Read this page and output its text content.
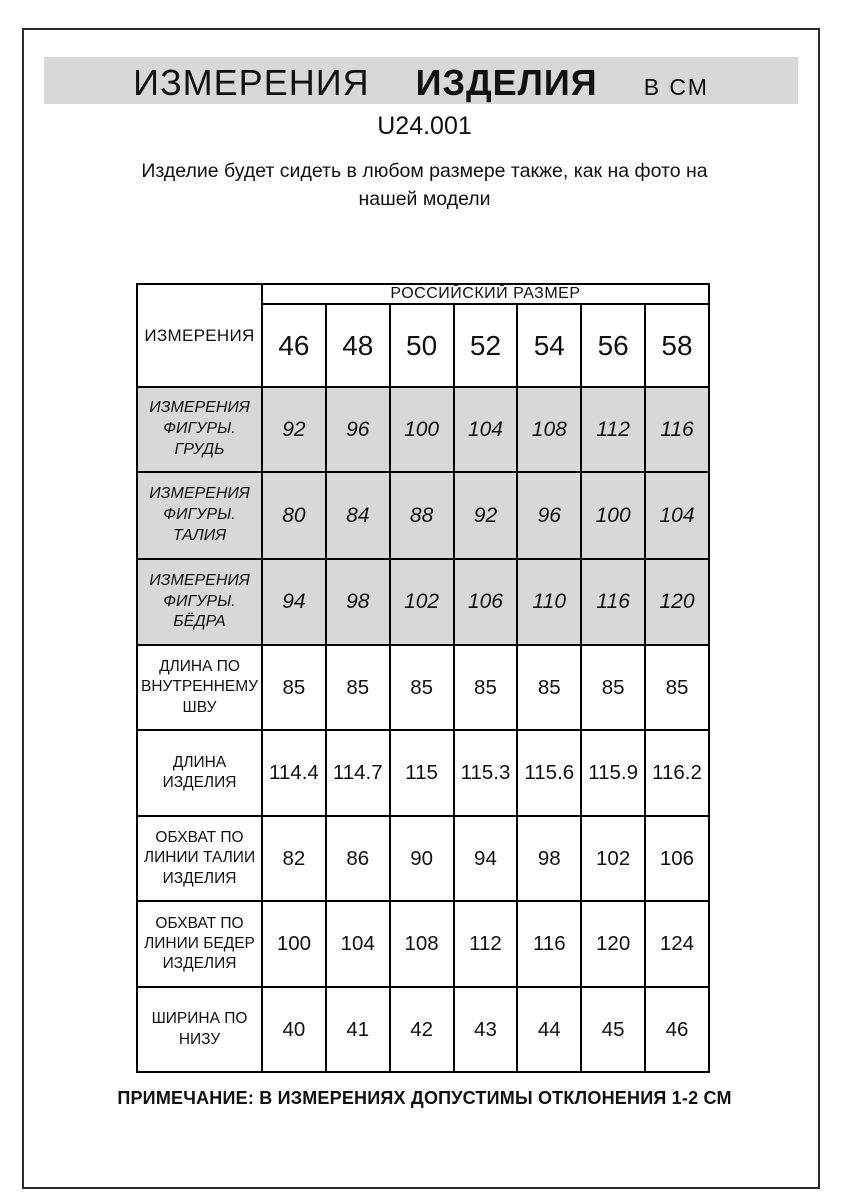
ИЗМЕРЕНИЯ ИЗДЕЛИЯ В СМ
U24.001
Изделие будет сидеть в любом размере также, как на фото на нашей модели
ИЗМЕРЕНИЯ	РОССИЙСКИЙ РАЗМЕР						
	46	48	50	52	54	56	58
ИЗМЕРЕНИЯ ФИГУРЫ. ГРУДЬ	92	96	100	104	108	112	116
ИЗМЕРЕНИЯ ФИГУРЫ. ТАЛИЯ	80	84	88	92	96	100	104
ИЗМЕРЕНИЯ ФИГУРЫ. БЁДРА	94	98	102	106	110	116	120
ДЛИНА ПО ВНУТРЕННЕМУ ШВУ	85	85	85	85	85	85	85
ДЛИНА ИЗДЕЛИЯ	114.4	114.7	115	115.3	115.6	115.9	116.2
ОБХВАТ ПО ЛИНИИ ТАЛИИ ИЗДЕЛИЯ	82	86	90	94	98	102	106
ОБХВАТ ПО ЛИНИИ БЕДЕР ИЗДЕЛИЯ	100	104	108	112	116	120	124
ШИРИНА ПО НИЗУ	40	41	42	43	44	45	46
ПРИМЕЧАНИЕ: В ИЗМЕРЕНИЯХ ДОПУСТИМЫ ОТКЛОНЕНИЯ 1-2 СМ
